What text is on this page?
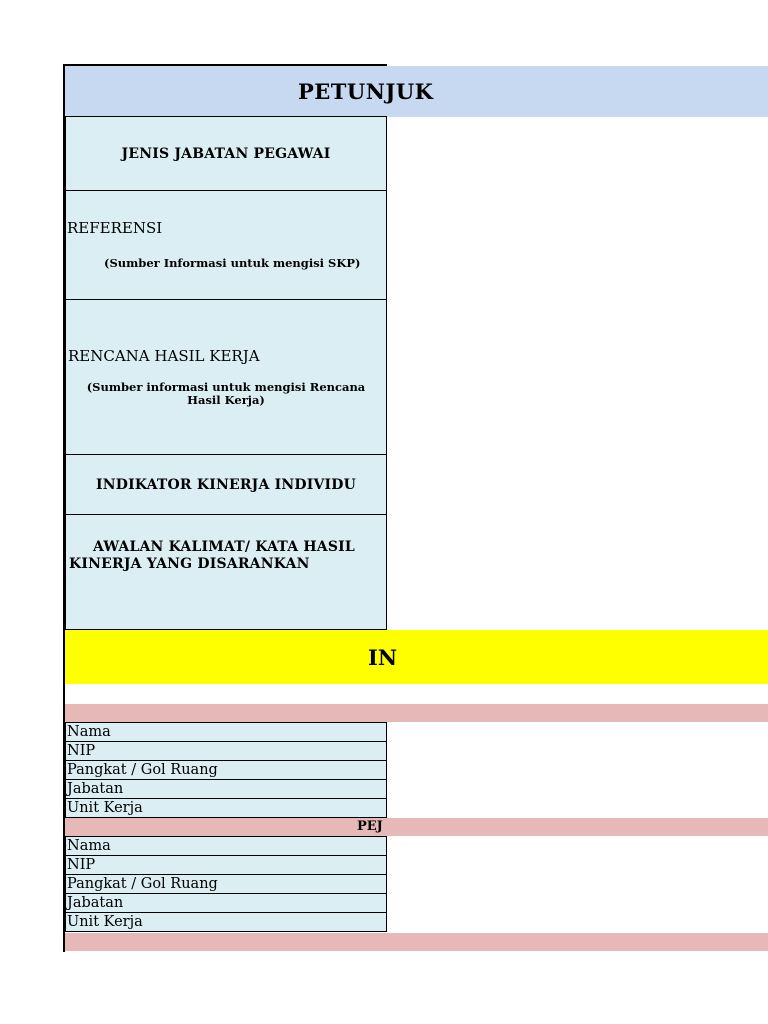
PETUNJUK
JENIS JABATAN PEGAWAI
REFERENSI
(Sumber Informasi untuk mengisi SKP)
RENCANA HASIL KERJA
(Sumber informasi untuk mengisi Rencana Hasil Kerja)
INDIKATOR KINERJA INDIVIDU
AWALAN KALIMAT/ KATA HASIL KINERJA YANG DISARANKAN
IN
Nama
NIP
Pangkat / Gol Ruang
Jabatan
Unit Kerja
PEJ
Nama
NIP
Pangkat / Gol Ruang
Jabatan
Unit Kerja
